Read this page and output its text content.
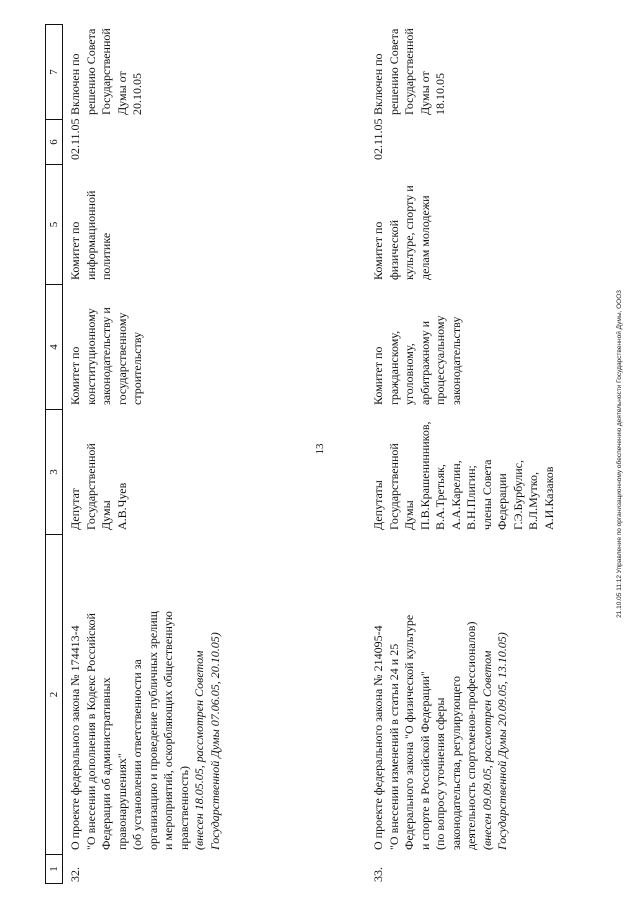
13
1
2
3
4
5
6
7
32.
О проекте федерального закона № 174413-4 "О внесении дополнения в Кодекс Российской Федерации об административных правонарушениях" (об установлении ответственности за организацию и проведение публичных зрелищ и мероприятий, оскорбляющих общественную нравственность) (внесен 18.05.05, рассмотрен Советом Государственной Думы 07.06.05, 20.10.05)
Депутат Государственной Думы А.В.Чуев
Комитет по конституционному законодательству и государственному строительству
Комитет по информационной политике
02.11.05
Включен по решению Совета Государственной Думы от 20.10.05
33.
О проекте федерального закона № 214095-4 "О внесении изменений в статьи 24 и 25 Федерального закона "О физической культуре и спорте в Российской Федерации" (по вопросу уточнения сферы законодательства, регулирующего деятельность спортсменов-профессионалов) (внесен 09.09.05, рассмотрен Советом Государственной Думы 20.09.05, 13.10.05)
Депутаты Государственной Думы П.В.Крашенинников, В.А.Третьяк, А.А.Карелин, В.Н.Плигин; члены Совета Федерации Г.Э.Бурбулис, В.Л.Мутко, А.И.Казаков
Комитет по гражданскому, уголовному, арбитражному и процессуальному законодательству
Комитет по физической культуре, спорту и делам молодежи
02.11.05
Включен по решению Совета Государственной Думы от 18.10.05
21.10.05 11:12 Управление по организационному обеспечению деятельности Государственной Думы, ООО3
